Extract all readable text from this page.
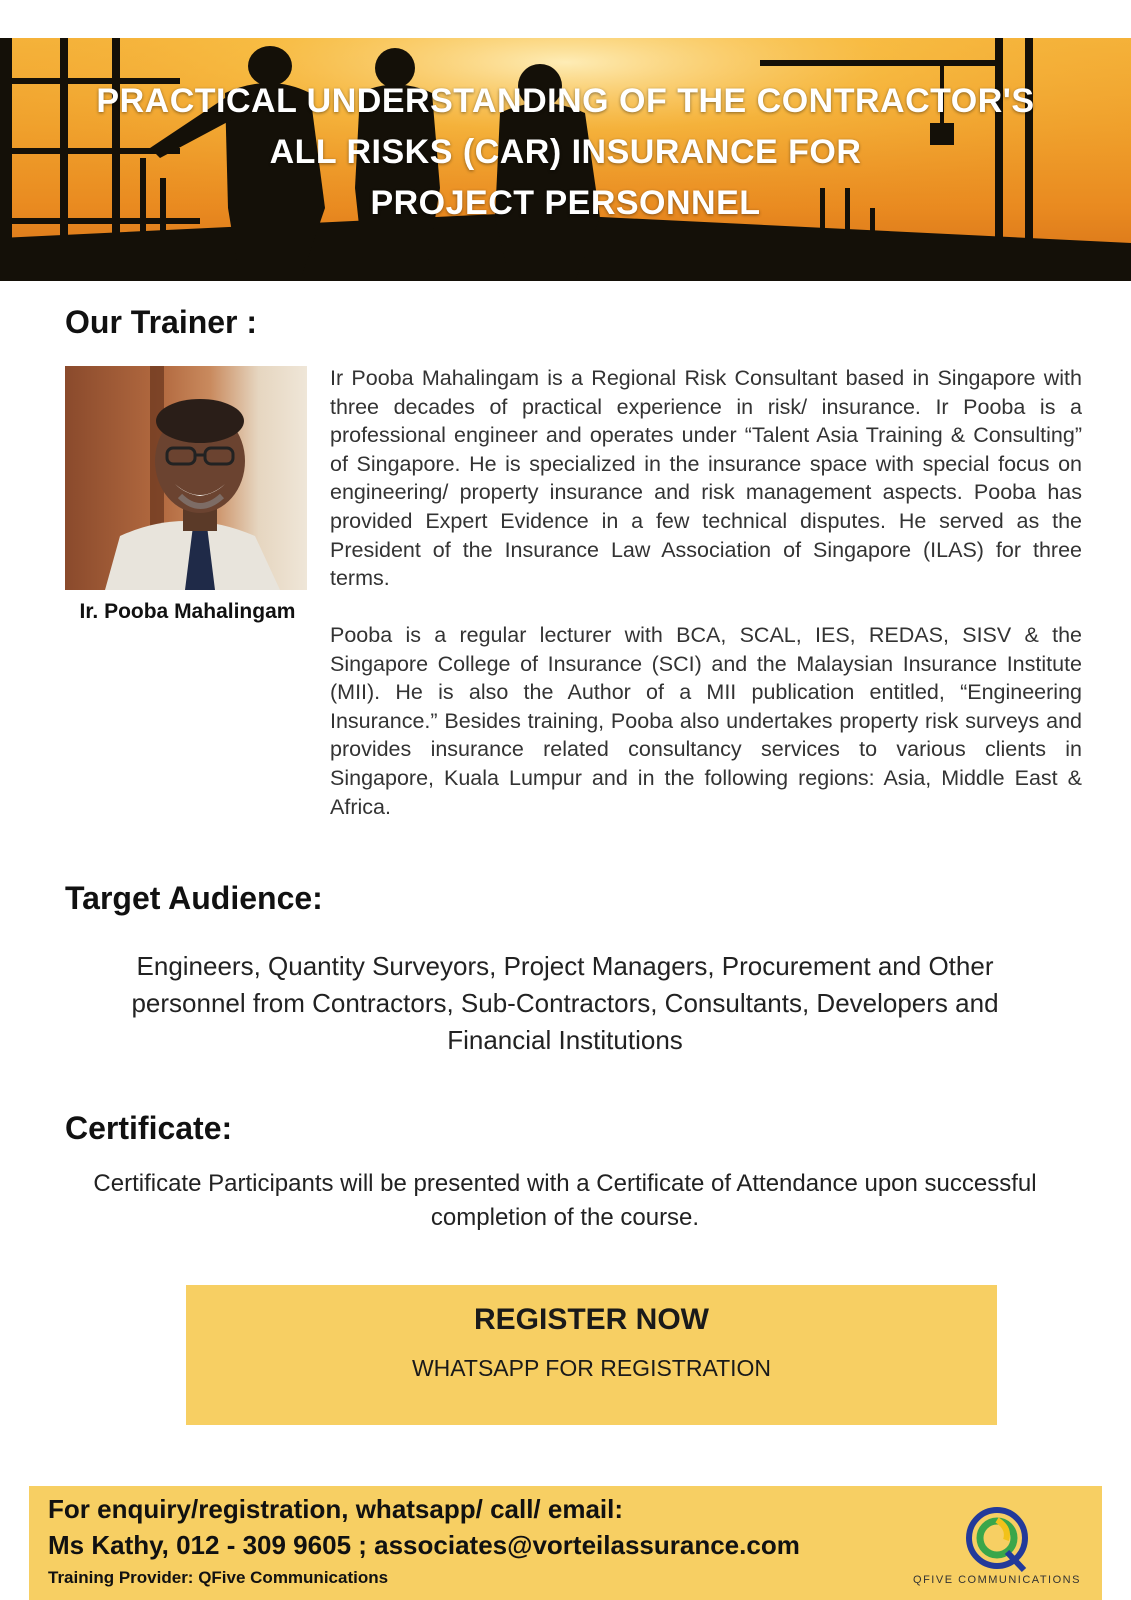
PRACTICAL UNDERSTANDING OF THE CONTRACTOR'S
ALL RISKS (CAR) INSURANCE FOR
PROJECT PERSONNEL
Our Trainer :
Ir. Pooba Mahalingam
Ir Pooba Mahalingam is a Regional Risk Consultant based in Singapore with three decades of practical experience in risk/ insurance. Ir Pooba is a professional engineer and operates under “Talent Asia Training & Consulting” of Singapore. He is specialized in the insurance space with special focus on engineering/ property insurance and risk management aspects. Pooba has provided Expert Evidence in a few technical disputes. He served as the President of the Insurance Law Association of Singapore (ILAS) for three terms.
Pooba is a regular lecturer with BCA, SCAL, IES, REDAS, SISV & the Singapore College of Insurance (SCI) and the Malaysian Insurance Institute (MII). He is also the Author of a MII publication entitled, “Engineering Insurance.” Besides training, Pooba also undertakes property risk surveys and provides insurance related consultancy services to various clients in Singapore, Kuala Lumpur and in the following regions: Asia, Middle East & Africa.
Target Audience:
Engineers, Quantity Surveyors, Project Managers, Procurement and Other personnel from Contractors, Sub-Contractors, Consultants, Developers and Financial Institutions
Certificate:
Certificate Participants will be presented with a Certificate of Attendance upon successful completion of the course.
REGISTER NOW
WHATSAPP FOR REGISTRATION
For enquiry/registration, whatsapp/ call/ email:
Ms Kathy, 012 - 309 9605 ; associates@vorteilassurance.com
Training Provider: QFive Communications	QFIVE COMMUNICATIONS
